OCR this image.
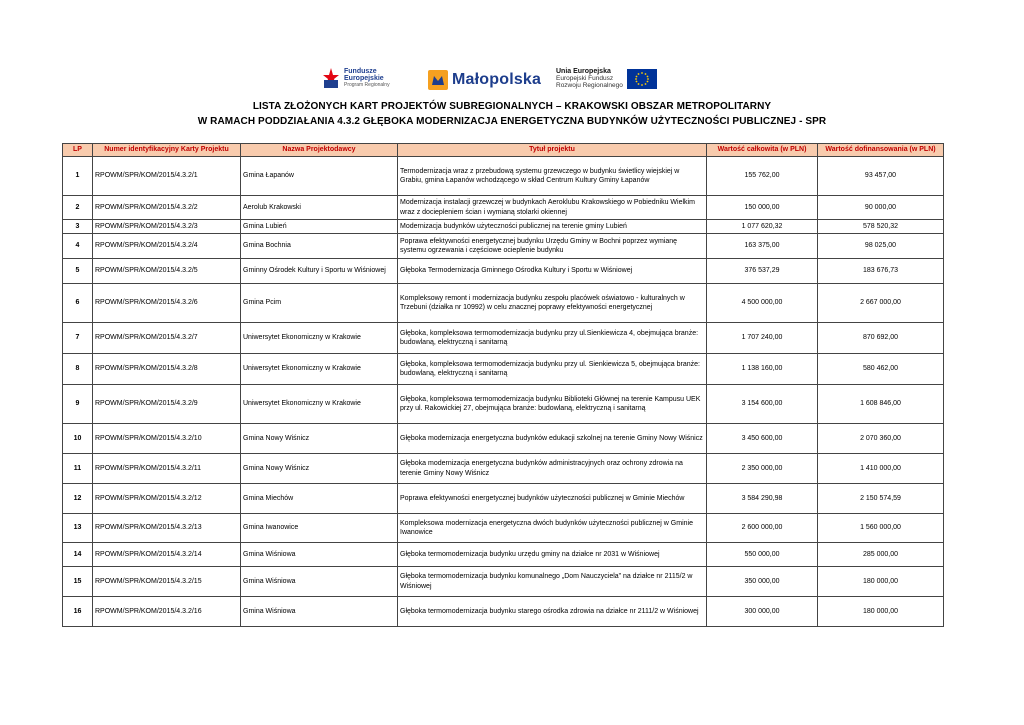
Fundusze
Europejskie
Program Regionalny	Małopolska Unia Europejska
Europejski Fundusz
Rozwoju Regionalnego
LISTA ZŁOŻONYCH KART PROJEKTÓW SUBREGIONALNYCH – KRAKOWSKI OBSZAR METROPOLITARNY
W RAMACH PODDZIAŁANIA 4.3.2 GŁĘBOKA MODERNIZACJA ENERGETYCZNA BUDYNKÓW UŻYTECZNOŚCI PUBLICZNEJ - SPR
LP	Numer identyfikacyjny Karty Projektu	Nazwa Projektodawcy	Tytuł projektu	Wartość całkowita (w PLN)	Wartość dofinansowania (w PLN)
1	RPOWM/SPR/KOM/2015/4.3.2/1	Gmina Łapanów	Termodernizacja wraz z przebudową systemu grzewczego w budynku świetlicy wiejskiej w Grabiu, gmina Łapanów wchodzącego w skład Centrum Kultury Gminy Łapanów	155 762,00	93 457,00
2	RPOWM/SPR/KOM/2015/4.3.2/2	Aerolub Krakowski	Modernizacja instalacji grzewczej w budynkach Aeroklubu Krakowskiego w Pobiedniku Wielkim wraz z dociepleniem ścian i wymianą stolarki okiennej	150 000,00	90 000,00
3	RPOWM/SPR/KOM/2015/4.3.2/3	Gmina Lubień	Modernizacja budynków użyteczności publicznej na terenie gminy Lubień	1 077 620,32	578 520,32
4	RPOWM/SPR/KOM/2015/4.3.2/4	Gmina Bochnia	Poprawa efektywności energetycznej budynku Urzędu Gminy w Bochni poprzez wymianę systemu ogrzewania i częściowe ocieplenie budynku	163 375,00	98 025,00
5	RPOWM/SPR/KOM/2015/4.3.2/5	Gminny Ośrodek Kultury i Sportu w Wiśniowej	Głęboka Termodernizacja Gminnego Ośrodka Kultury i Sportu w Wiśniowej	376 537,29	183 676,73
6	RPOWM/SPR/KOM/2015/4.3.2/6	Gmina Pcim	Kompleksowy remont i modernizacja budynku zespołu placówek oświatowo - kulturalnych w Trzebuni (działka nr 10992) w celu znacznej poprawy efektywności energetycznej	4 500 000,00	2 667 000,00
7	RPOWM/SPR/KOM/2015/4.3.2/7	Uniwersytet Ekonomiczny w Krakowie	Głęboka, kompleksowa termomodernizacja budynku przy ul.Sienkiewicza 4, obejmująca branże: budowlaną, elektryczną i sanitarną	1 707 240,00	870 692,00
8	RPOWM/SPR/KOM/2015/4.3.2/8	Uniwersytet Ekonomiczny w Krakowie	Głęboka, kompleksowa termomodernizacja budynku przy ul. Sienkiewicza 5, obejmująca branże: budowlaną, elektryczną i sanitarną	1 138 160,00	580 462,00
9	RPOWM/SPR/KOM/2015/4.3.2/9	Uniwersytet Ekonomiczny w Krakowie	Głęboka, kompleksowa termomodernizacja budynku Biblioteki Głównej na terenie Kampusu UEK przy ul. Rakowickiej 27, obejmująca branże: budowlaną, elektryczną i sanitarną	3 154 600,00	1 608 846,00
10	RPOWM/SPR/KOM/2015/4.3.2/10	Gmina Nowy Wiśnicz	Głęboka modernizacja energetyczna budynków edukacji szkolnej na terenie Gminy Nowy Wiśnicz	3 450 600,00	2 070 360,00
11	RPOWM/SPR/KOM/2015/4.3.2/11	Gmina Nowy Wiśnicz	Głęboka modernizacja energetyczna budynków administracyjnych oraz ochrony zdrowia na terenie Gminy Nowy Wiśnicz	2 350 000,00	1 410 000,00
12	RPOWM/SPR/KOM/2015/4.3.2/12	Gmina Miechów	Poprawa efektywności energetycznej budynków użyteczności publicznej w Gminie Miechów	3 584 290,98	2 150 574,59
13	RPOWM/SPR/KOM/2015/4.3.2/13	Gmina Iwanowice	Kompleksowa modernizacja energetyczna dwóch budynków użyteczności publicznej w Gminie Iwanowice	2 600 000,00	1 560 000,00
14	RPOWM/SPR/KOM/2015/4.3.2/14	Gmina Wiśniowa	Głęboka termomodernizacja budynku urzędu gminy na działce nr 2031 w Wiśniowej	550 000,00	285 000,00
15	RPOWM/SPR/KOM/2015/4.3.2/15	Gmina Wiśniowa	Głęboka termomodernizacja budynku komunalnego „Dom Nauczyciela” na działce nr 2115/2 w Wiśniowej	350 000,00	180 000,00
16	RPOWM/SPR/KOM/2015/4.3.2/16	Gmina Wiśniowa	Głęboka termomodernizacja budynku starego ośrodka zdrowia na działce nr 2111/2 w Wiśniowej	300 000,00	180 000,00
